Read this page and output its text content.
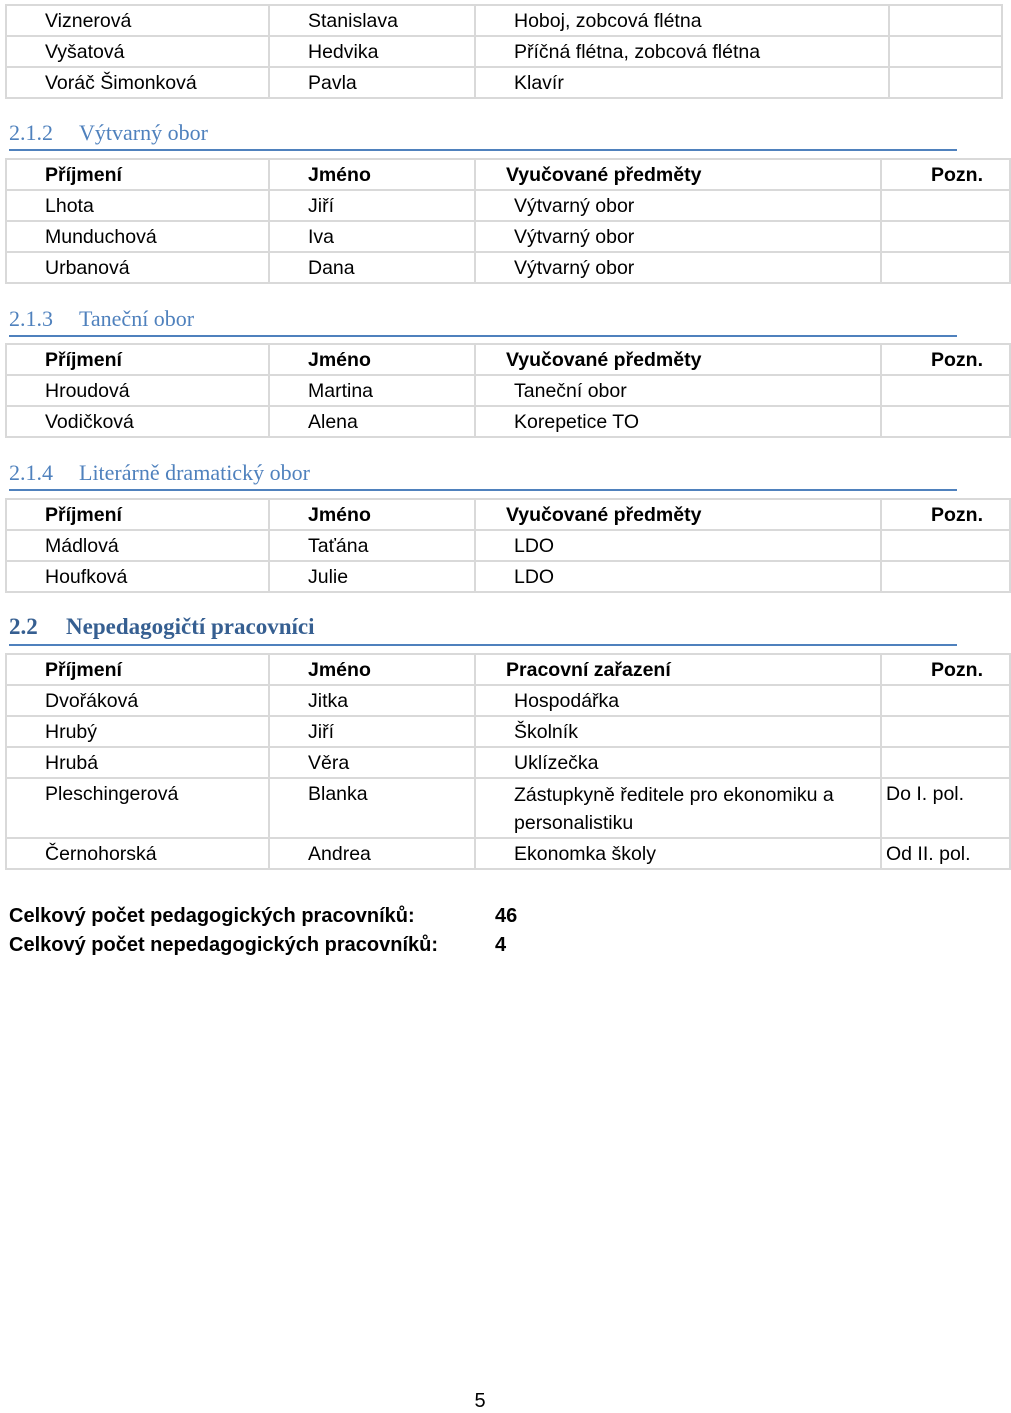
Viznerová	Stanislava	Hoboj, zobcová flétna	
Vyšatová	Hedvika	Příčná flétna, zobcová flétna	
Voráč Šimonková	Pavla	Klavír	
2.1.2 Výtvarný obor
Příjmení	Jméno	Vyučované předměty	Pozn.
Lhota	Jiří	Výtvarný obor	
Munduchová	Iva	Výtvarný obor	
Urbanová	Dana	Výtvarný obor	
2.1.3 Taneční obor
Příjmení	Jméno	Vyučované předměty	Pozn.
Hroudová	Martina	Taneční obor	
Vodičková	Alena	Korepetice TO	
2.1.4 Literárně dramatický obor
Příjmení	Jméno	Vyučované předměty	Pozn.
Mádlová	Taťána	LDO	
Houfková	Julie	LDO	
2.2 Nepedagogičtí pracovníci
Příjmení	Jméno	Pracovní zařazení	Pozn.
Dvořáková	Jitka	Hospodářka	
Hrubý	Jiří	Školník	
Hrubá	Věra	Uklízečka	
Pleschingerová	Blanka	Zástupkyně ředitele pro ekonomiku a personalistiku	Do I. pol.
Černohorská	Andrea	Ekonomka školy	Od II. pol.
Celkový počet pedagogických pracovníků:	46
Celkový počet nepedagogických pracovníků:	4
5
